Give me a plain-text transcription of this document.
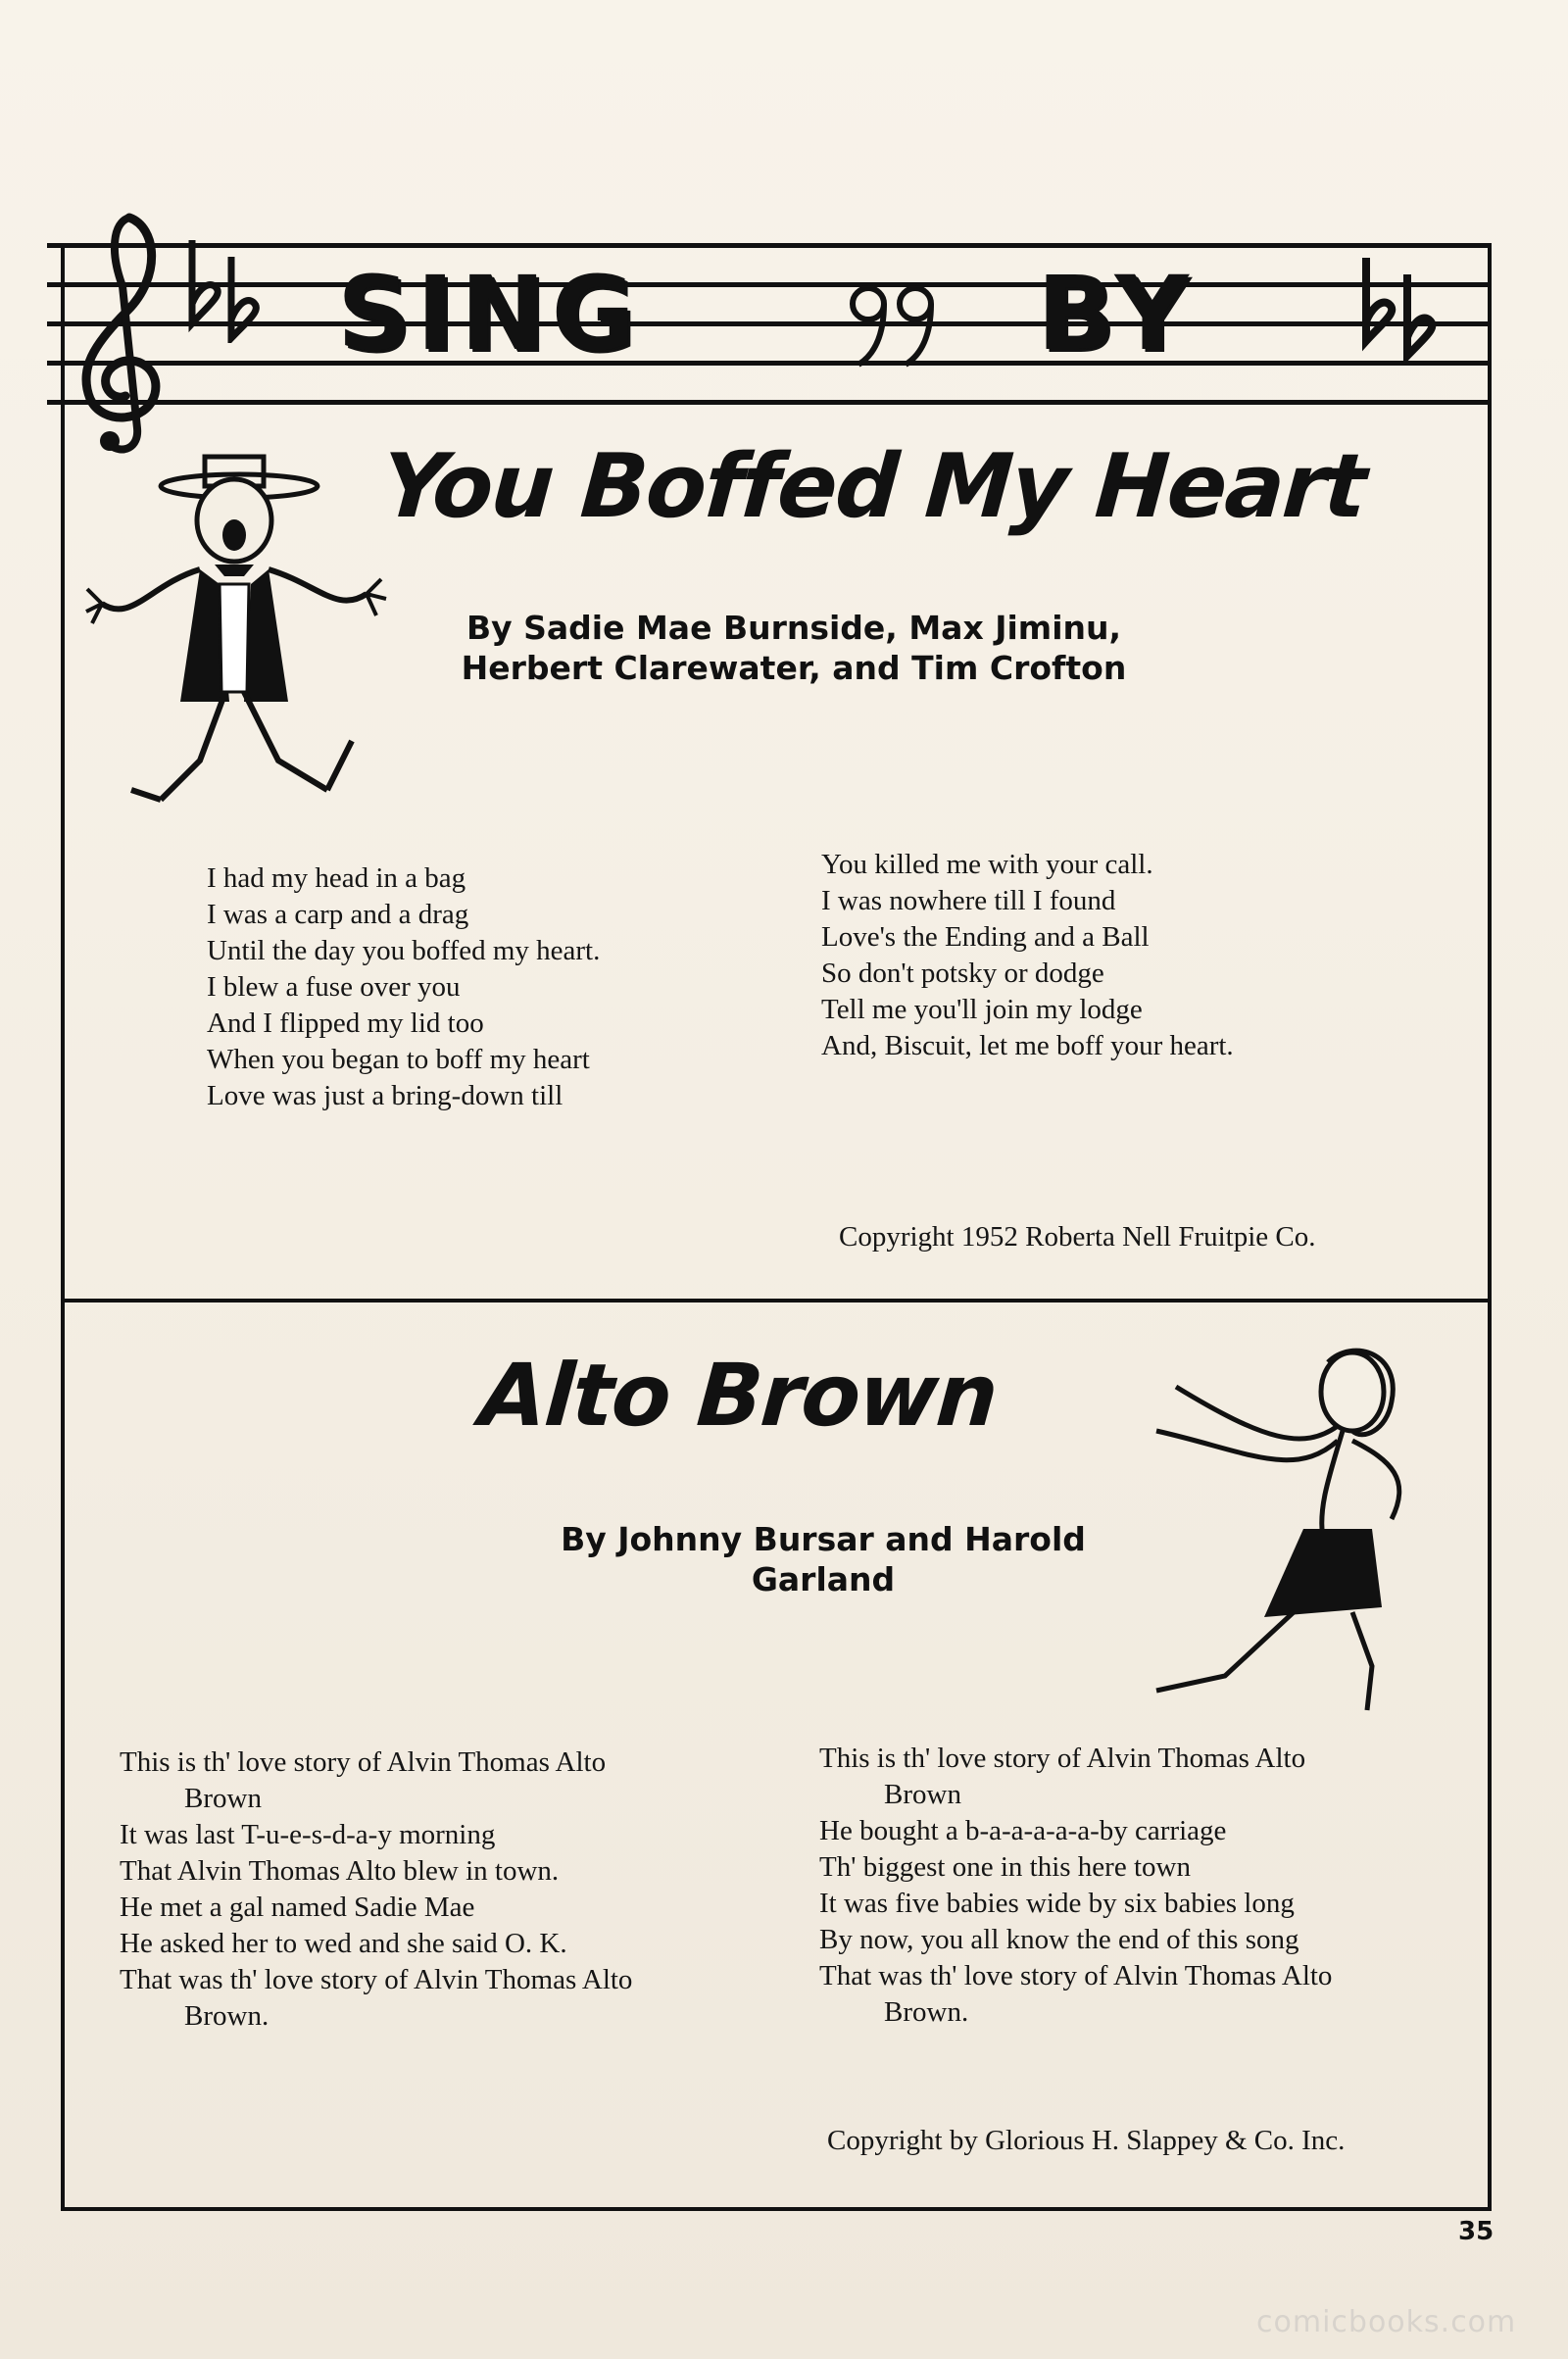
SING	BY
You Boffed My Heart
By Sadie Mae Burnside, Max Jiminu, Herbert Clarewater, and Tim Crofton
I had my head in a bag
I was a carp and a drag
Until the day you boffed my heart.
I blew a fuse over you
And I flipped my lid too
When you began to boff my heart
Love was just a bring-down till
You killed me with your call.
I was nowhere till I found
Love's the Ending and a Ball
So don't potsky or dodge
Tell me you'll join my lodge
And, Biscuit, let me boff your heart.
Copyright 1952 Roberta Nell Fruitpie Co.
Alto Brown
By Johnny Bursar and Harold Garland
This is th' love story of Alvin Thomas Alto
Brown
It was last T-u-e-s-d-a-y morning
That Alvin Thomas Alto blew in town.
He met a gal named Sadie Mae
He asked her to wed and she said O. K.
That was th' love story of Alvin Thomas Alto
Brown.
This is th' love story of Alvin Thomas Alto
Brown
He bought a b-a-a-a-a-a-by carriage
Th' biggest one in this here town
It was five babies wide by six babies long
By now, you all know the end of this song
That was th' love story of Alvin Thomas Alto
Brown.
Copyright by Glorious H. Slappey & Co. Inc.
35
comicbooks.com
